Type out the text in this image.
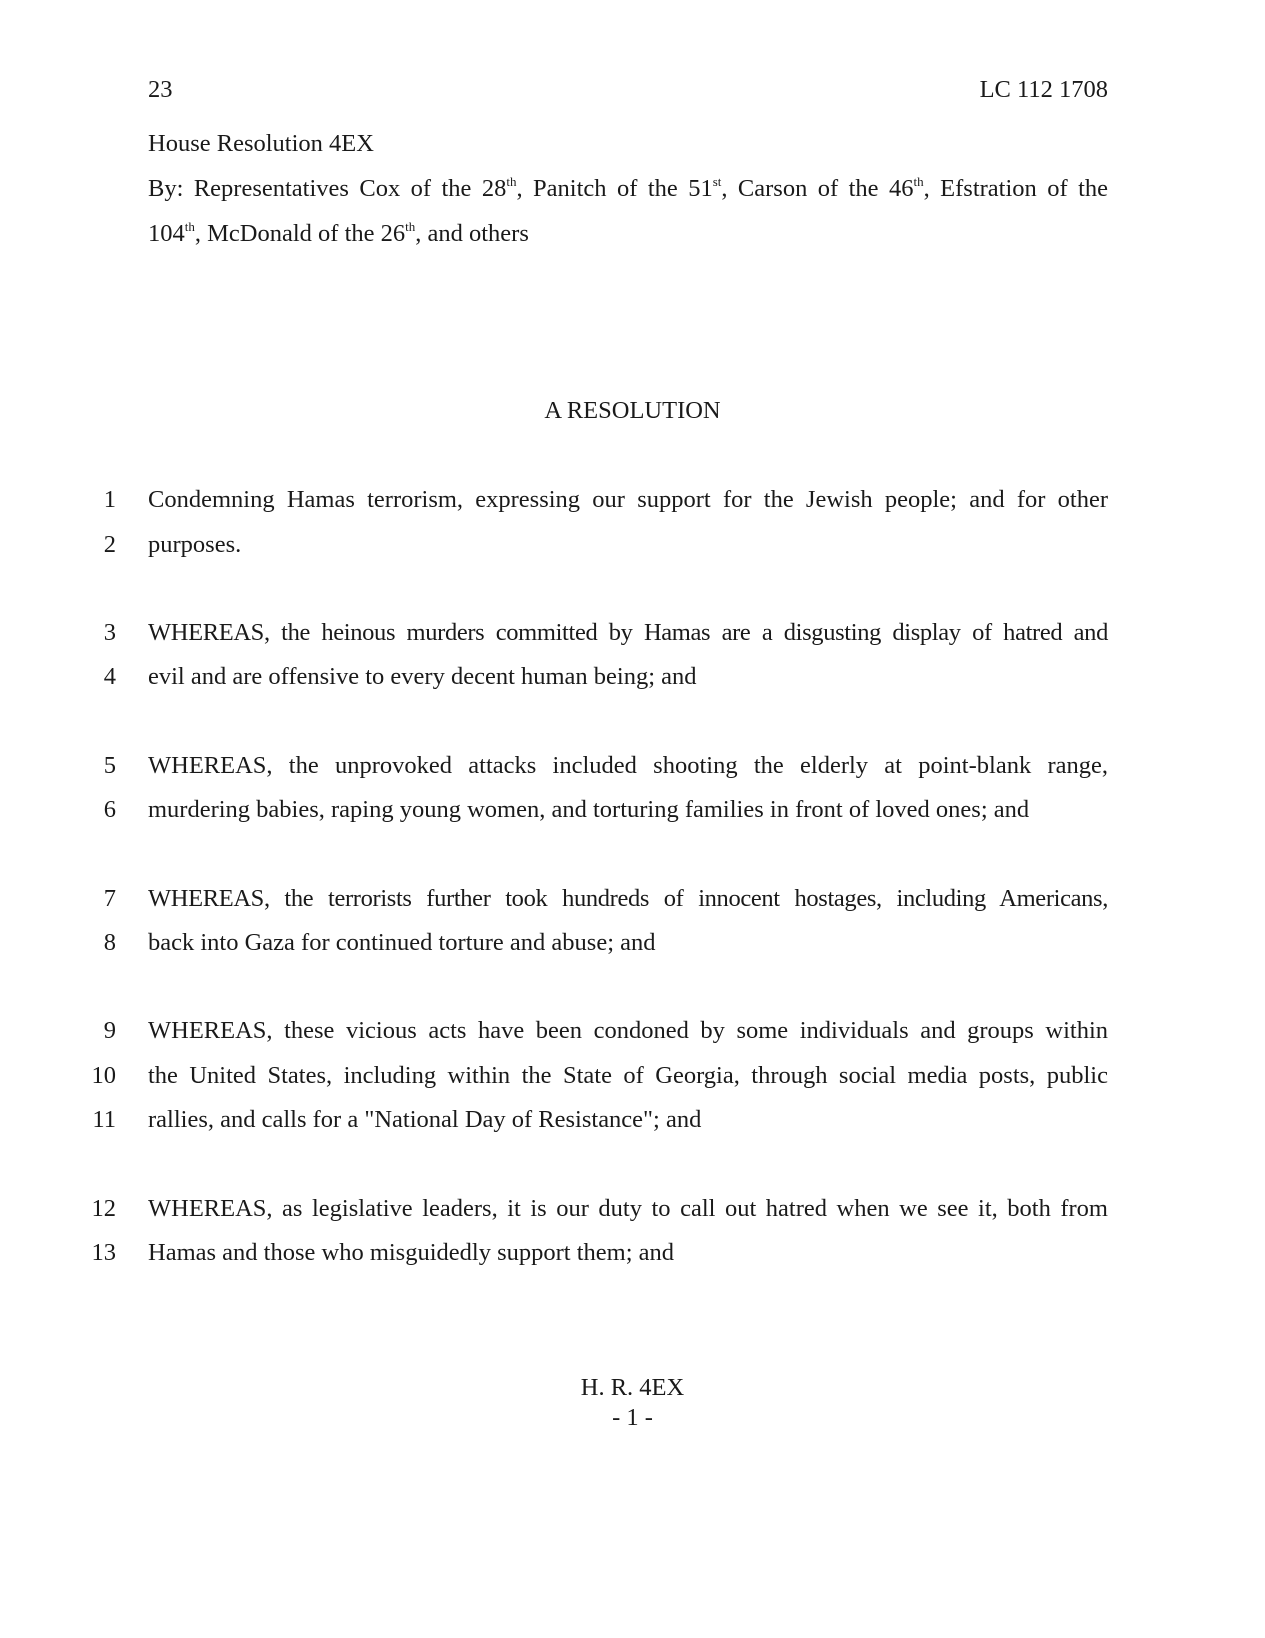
23	LC 112 1708
House Resolution 4EX
By: Representatives Cox of the 28th, Panitch of the 51st, Carson of the 46th, Efstration of the
104th, McDonald of the 26th, and others
A RESOLUTION
1 Condemning Hamas terrorism, expressing our support for the Jewish people; and for other
2 purposes.
3 WHEREAS, the heinous murders committed by Hamas are a disgusting display of hatred and
4 evil and are offensive to every decent human being; and
5 WHEREAS, the unprovoked attacks included shooting the elderly at point-blank range,
6 murdering babies, raping young women, and torturing families in front of loved ones; and
7 WHEREAS, the terrorists further took hundreds of innocent hostages, including Americans,
8 back into Gaza for continued torture and abuse; and
9 WHEREAS, these vicious acts have been condoned by some individuals and groups within
10 the United States, including within the State of Georgia, through social media posts, public
11 rallies, and calls for a "National Day of Resistance"; and
12 WHEREAS, as legislative leaders, it is our duty to call out hatred when we see it, both from
13 Hamas and those who misguidedly support them; and
H. R. 4EX
- 1 -
